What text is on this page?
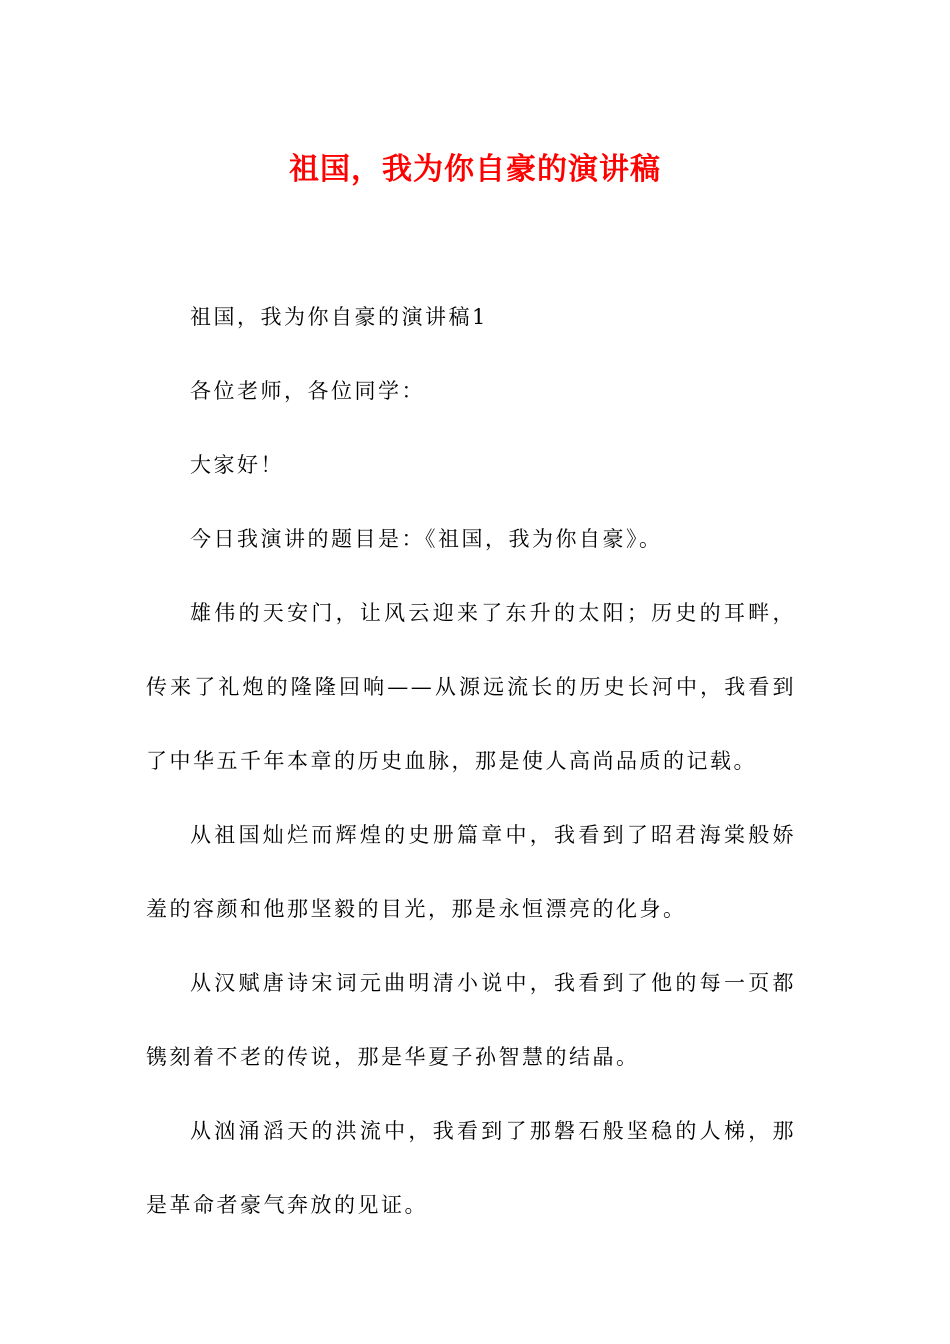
祖国，我为你自豪的演讲稿

祖国，我为你自豪的演讲稿1

各位老师，各位同学：

大家好！

今日我演讲的题目是：《祖国，我为你自豪》。

雄伟的天安门，让风云迎来了东升的太阳；历史的耳畔，传来了礼炮的隆隆回响——从源远流长的历史长河中，我看到了中华五千年本章的历史血脉，那是使人高尚品质的记载。

从祖国灿烂而辉煌的史册篇章中，我看到了昭君海棠般娇羞的容颜和他那坚毅的目光，那是永恒漂亮的化身。

从汉赋唐诗宋词元曲明清小说中，我看到了他的每一页都镌刻着不老的传说，那是华夏子孙智慧的结晶。

从汹涌滔天的洪流中，我看到了那磐石般坚稳的人梯，那是革命者豪气奔放的见证。
